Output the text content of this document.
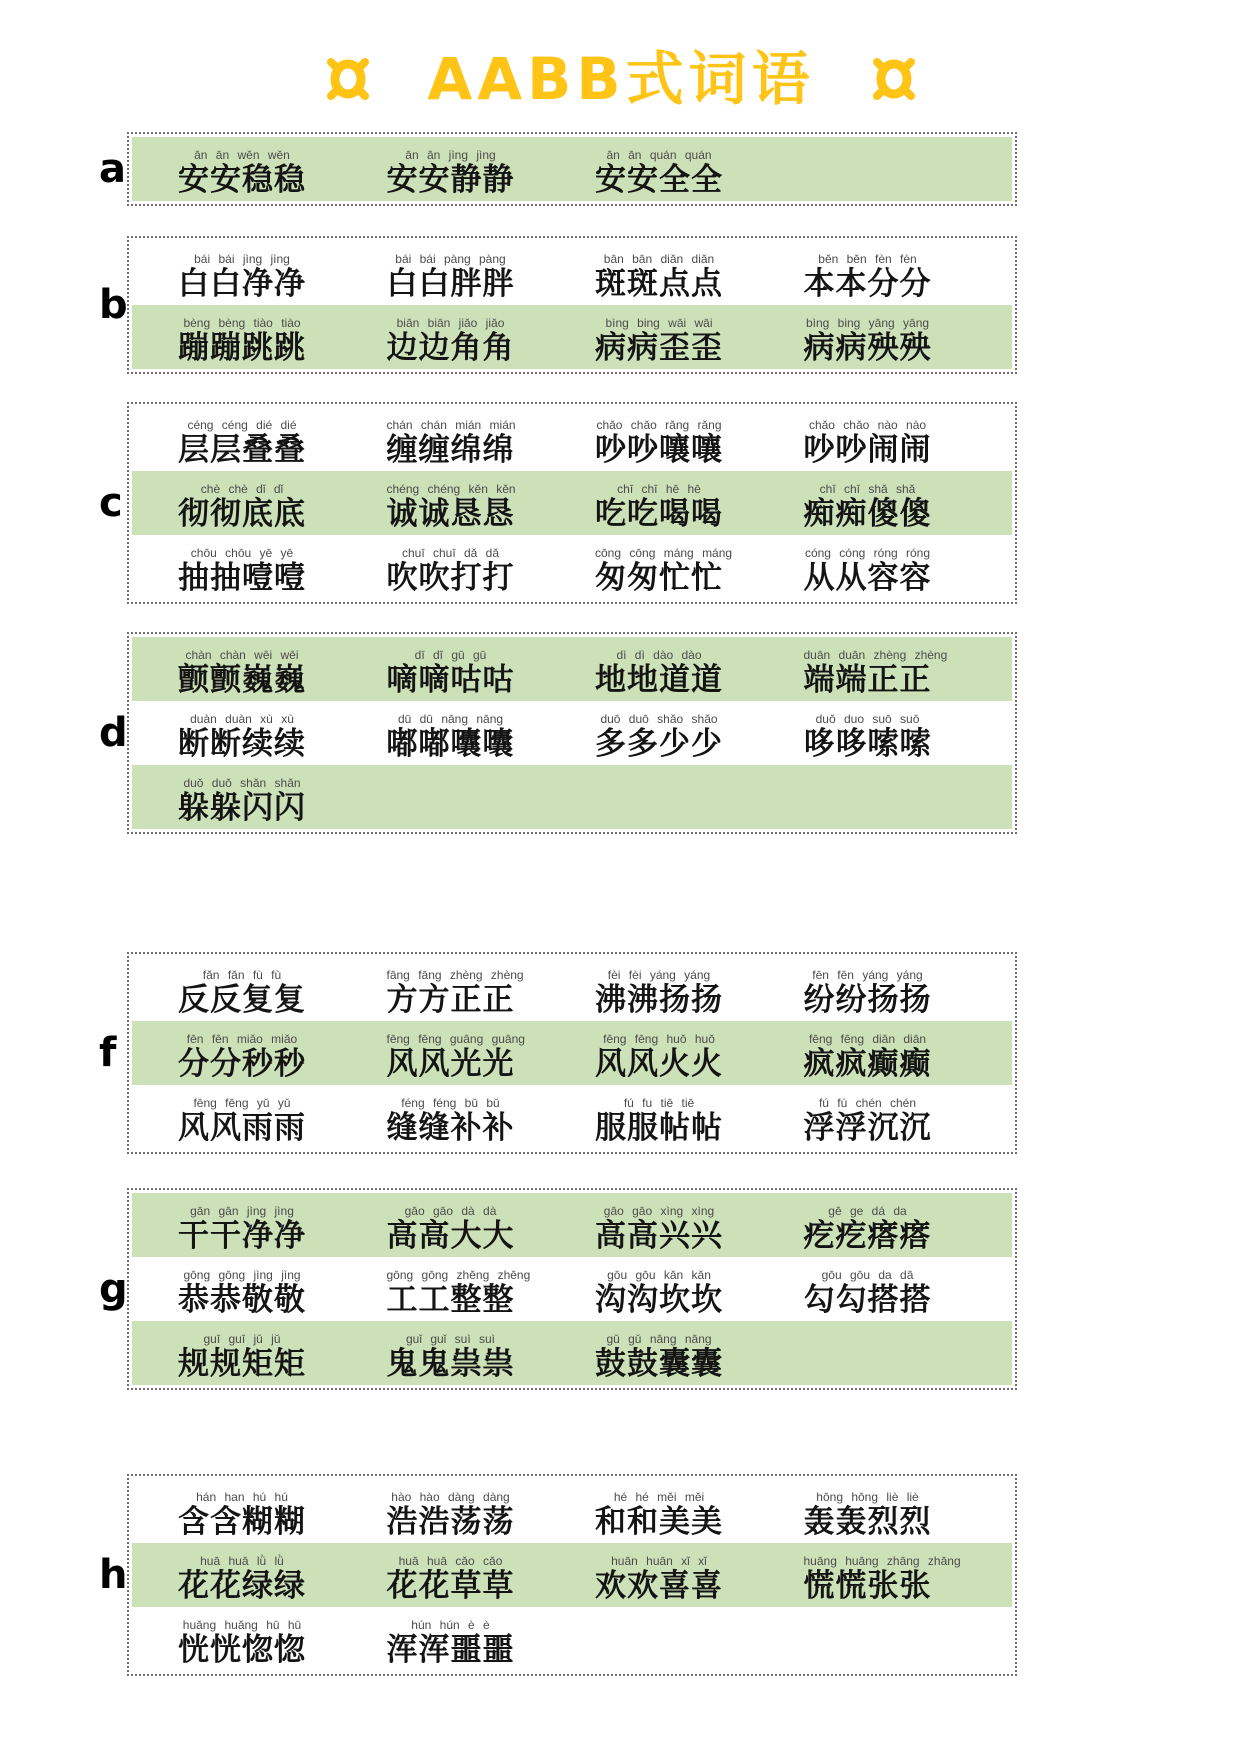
AABB式词语
a	ān ān wěn wěn
安安稳稳
ān ān jìng jìng
安安静静
ān ān quán quán
安安全全
b
bái bái jìng jìng
白白净净
bái bái pàng pàng
白白胖胖
bān bān diǎn diǎn
斑斑点点
běn běn fèn fèn
本本分分
bèng bèng tiào tiào
蹦蹦跳跳
biān biān jiǎo jiǎo
边边角角
bìng bing wāi wāi
病病歪歪
bìng bing yāng yāng
病病殃殃
c
céng céng dié dié
层层叠叠
chán chán mián mián
缠缠绵绵
chǎo chǎo rǎng rǎng
吵吵嚷嚷
chǎo chǎo nào nào
吵吵闹闹
chè chè dǐ dǐ
彻彻底底
chéng chéng kěn kěn
诚诚恳恳
chī chī hē hē
吃吃喝喝
chī chī shǎ shǎ
痴痴傻傻
chōu chōu yē yē
抽抽噎噎
chuī chuī dǎ dǎ
吹吹打打
cōng cōng máng máng
匆匆忙忙
cóng cóng róng róng
从从容容
d
chàn chàn wēi wēi
颤颤巍巍
dī dī gū gū
嘀嘀咕咕
dì dì dào dào
地地道道
duān duān zhèng zhèng
端端正正
duàn duàn xù xù
断断续续
dū dū nāng nāng
嘟嘟囔囔
duō duō shǎo shǎo
多多少少
duǒ duo suō suō
哆哆嗦嗦
duǒ duǒ shǎn shǎn
躲躲闪闪
f
fǎn fǎn fù fù
反反复复
fāng fāng zhèng zhèng
方方正正
fèi fèi yáng yáng
沸沸扬扬
fēn fēn yáng yáng
纷纷扬扬
fēn fēn miǎo miǎo
分分秒秒
fēng fēng guāng guāng
风风光光
fēng fēng huǒ huǒ
风风火火
fēng fēng diān diān
疯疯癫癫
fēng fēng yǔ yǔ
风风雨雨
féng féng bǔ bǔ
缝缝补补
fú fu tiē tiē
服服帖帖
fú fú chén chén
浮浮沉沉
g
gān gān jìng jìng
干干净净
gāo gāo dà dà
高高大大
gāo gāo xìng xìng
高高兴兴
gē ge dá da
疙疙瘩瘩
gōng gōng jìng jìng
恭恭敬敬
gōng gōng zhěng zhěng
工工整整
gōu gōu kǎn kǎn
沟沟坎坎
gōu gōu da dā
勾勾搭搭
guī guī jǔ jǔ
规规矩矩
guǐ guǐ suì suì
鬼鬼祟祟
gǔ gǔ nāng nāng
鼓鼓囊囊
h
hán han hú hú
含含糊糊
hào hào dàng dàng
浩浩荡荡
hé hé měi měi
和和美美
hōng hōng liè liè
轰轰烈烈
huā huā lǜ lǜ
花花绿绿
huā huā cǎo cǎo
花花草草
huān huān xǐ xǐ
欢欢喜喜
huāng huāng zhāng zhāng
慌慌张张
huǎng huǎng hū hū
恍恍惚惚
hún hún è è
浑浑噩噩
